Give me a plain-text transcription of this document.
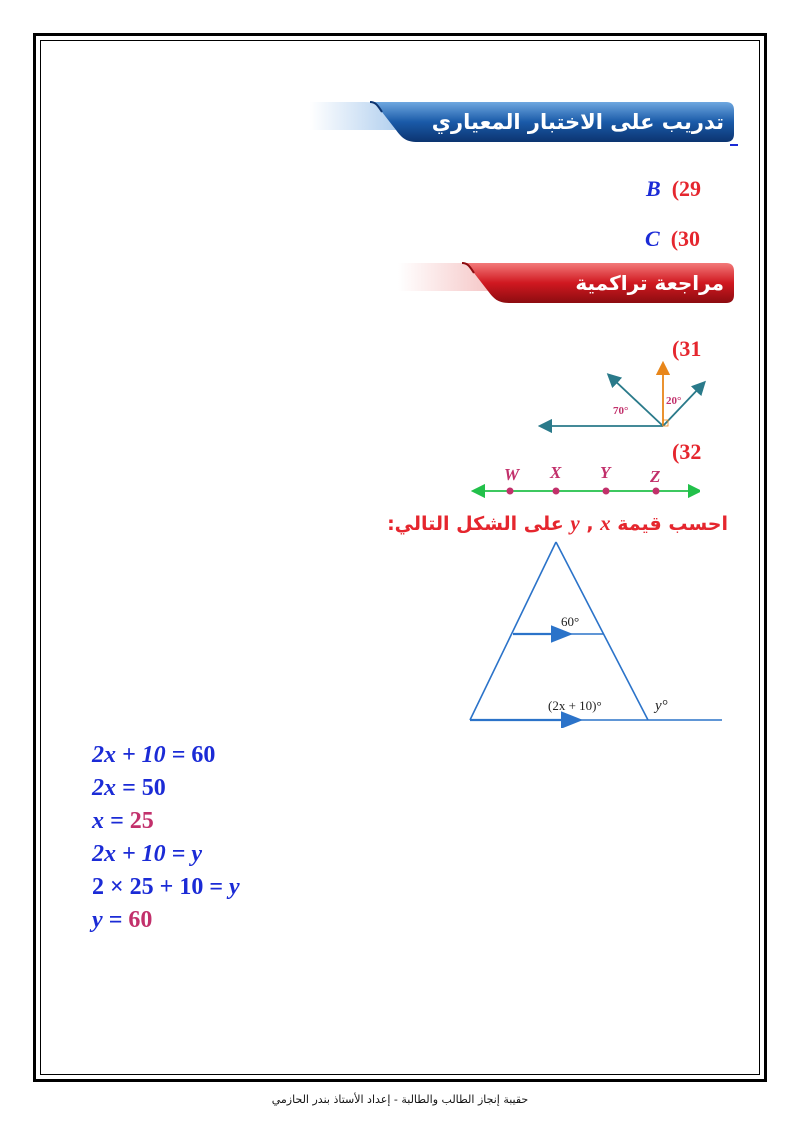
تدريب على الاختبار المعياري
B (29
C (30
مراجعة تراكمية
(31
70°
20°
(32
W X Y Z
احسب قيمة y , x على الشكل التالي:
60°
(2x + 10)°	y°
2x + 10 = 60
2x = 50
x = 25
2x + 10 = y
2 × 25 + 10 = y
y = 60
حقيبة إنجاز الطالب والطالبة - إعداد الأستاذ بندر الحازمي
